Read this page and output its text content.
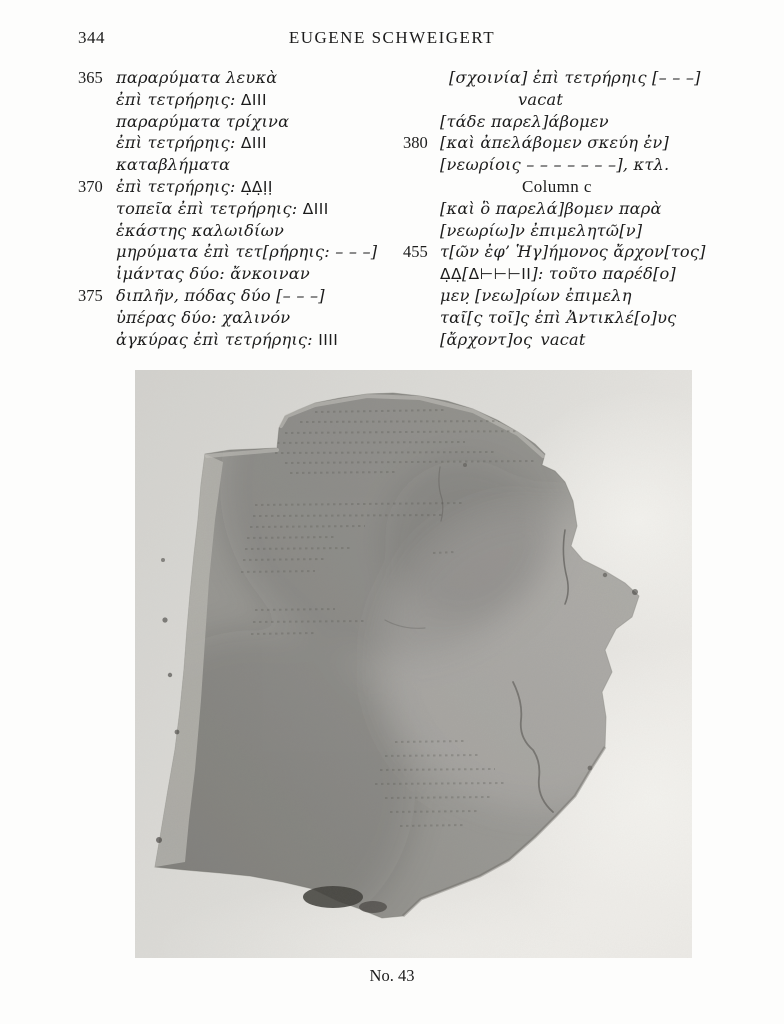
344	EUGENE SCHWEIGERT
365 παραρύματα λευκὰ
ἐπὶ τετρήρηις: ΔIII
παραρύματα τρίχινα
ἐπὶ τετρήρηις: ΔIII
καταβλήματα
370 ἐπὶ τετρήρηις: Δ̣Δ̣ỊỊ
τοπεῖα ἐπὶ τετρήρηις: ΔIII
ἑκάστης καλωιδίων
μηρύματα ἐπὶ τετ[ρήρηις: – – –]
ἱμάντας δύο: ἄνκοιναν
375 διπλῆν, πόδας δύο [– – –]
ὑπέρας δύο: χαλινόν
ἀγκύρας ἐπὶ τετρήρηις: IIII
[σχοινία] ἐπὶ τετρήρηις [– – –]
vacat
[τάδε παρελ]άβομεν
380 [καὶ ἀπελάβομεν σκεύη ἐν]
[νεωρίοις – – – – – – –], κτλ.
Column c
[καὶ ὃ παρελά]βομεν παρὰ
[νεωρίω]ν ἐπιμελητῶ[ν]
455 τ[ῶν ἐφ’ Ἡγ]ήμονος ἄρχον[τος]
Δ̣Δ̣[Δ⊢⊢⊢II]: τοῦτο παρέδ[ο]
μεν̣ [νεω]ρίων ἐπιμελη
ταῖ[ς τοῖ]ς ἐπὶ Ἀντικλέ[ο]υς
[ἄρχοντ]ος vacat
No. 43
